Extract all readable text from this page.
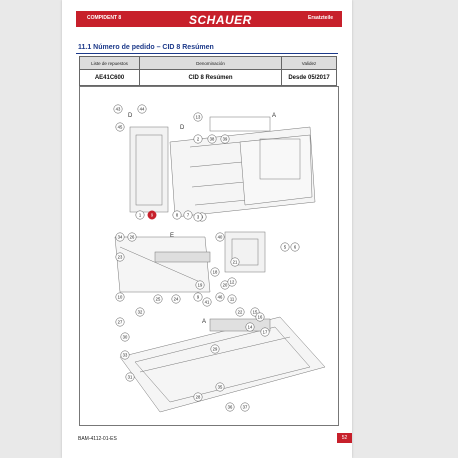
COMPIDENT 8	SCHAUER	Ersatzteile
11.1 Número de pedido – CID 8 Resúmen
Liste de repuestos	Denominación	Validez
AE41C600	CID 8 Resúmen	Desde 05/2017
D
D
A
E
A
43	44
45
2 38 39
13
1	3
5 6
9	8 7
40
34
23
26
18
19	20
21
46
12
11
9
10
27
25	24
32
41
22 15
16
14
17
30
33
31
29
28
35
36 37
BAM-4112-01-ES	52
